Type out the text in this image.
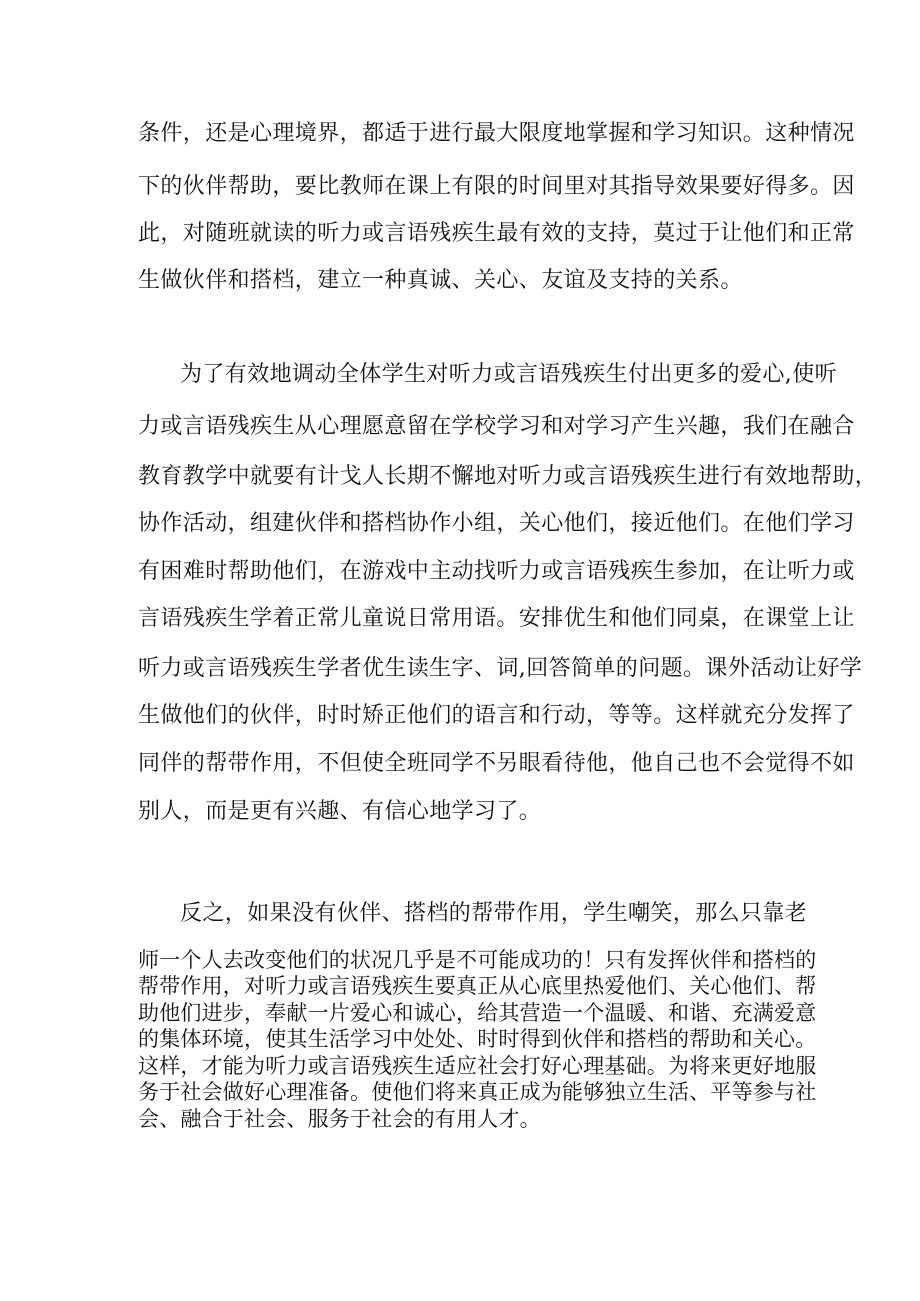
条件，还是心理境界，都适于进行最大限度地掌握和学习知识。这种情况
下的伙伴帮助，要比教师在课上有限的时间里对其指导效果要好得多。因
此，对随班就读的听力或言语残疾生最有效的支持，莫过于让他们和正常
生做伙伴和搭档，建立一种真诚、关心、友谊及支持的关系。
为了有效地调动全体学生对听力或言语残疾生付出更多的爱心,使听
力或言语残疾生从心理愿意留在学校学习和对学习产生兴趣，我们在融合
教育教学中就要有计戈人长期不懈地对听力或言语残疾生进行有效地帮助，
协作活动，组建伙伴和搭档协作小组，关心他们，接近他们。在他们学习
有困难时帮助他们，在游戏中主动找听力或言语残疾生参加，在让听力或
言语残疾生学着正常儿童说日常用语。安排优生和他们同桌，在课堂上让
听力或言语残疾生学者优生读生字、词,回答简单的问题。课外活动让好学
生做他们的伙伴，时时矫正他们的语言和行动，等等。这样就充分发挥了
同伴的帮带作用，不但使全班同学不另眼看待他，他自己也不会觉得不如
别人，而是更有兴趣、有信心地学习了。
反之，如果没有伙伴、搭档的帮带作用，学生嘲笑，那么只靠老
师一个人去改变他们的状况几乎是不可能成功的！只有发挥伙伴和搭档的
帮带作用，对听力或言语残疾生要真正从心底里热爱他们、关心他们、帮
助他们进步，奉献一片爱心和诚心，给其营造一个温暖、和谐、充满爱意
的集体环境，使其生活学习中处处、时时得到伙伴和搭档的帮助和关心。
这样，才能为听力或言语残疾生适应社会打好心理基础。为将来更好地服
务于社会做好心理准备。使他们将来真正成为能够独立生活、平等参与社
会、融合于社会、服务于社会的有用人才。
